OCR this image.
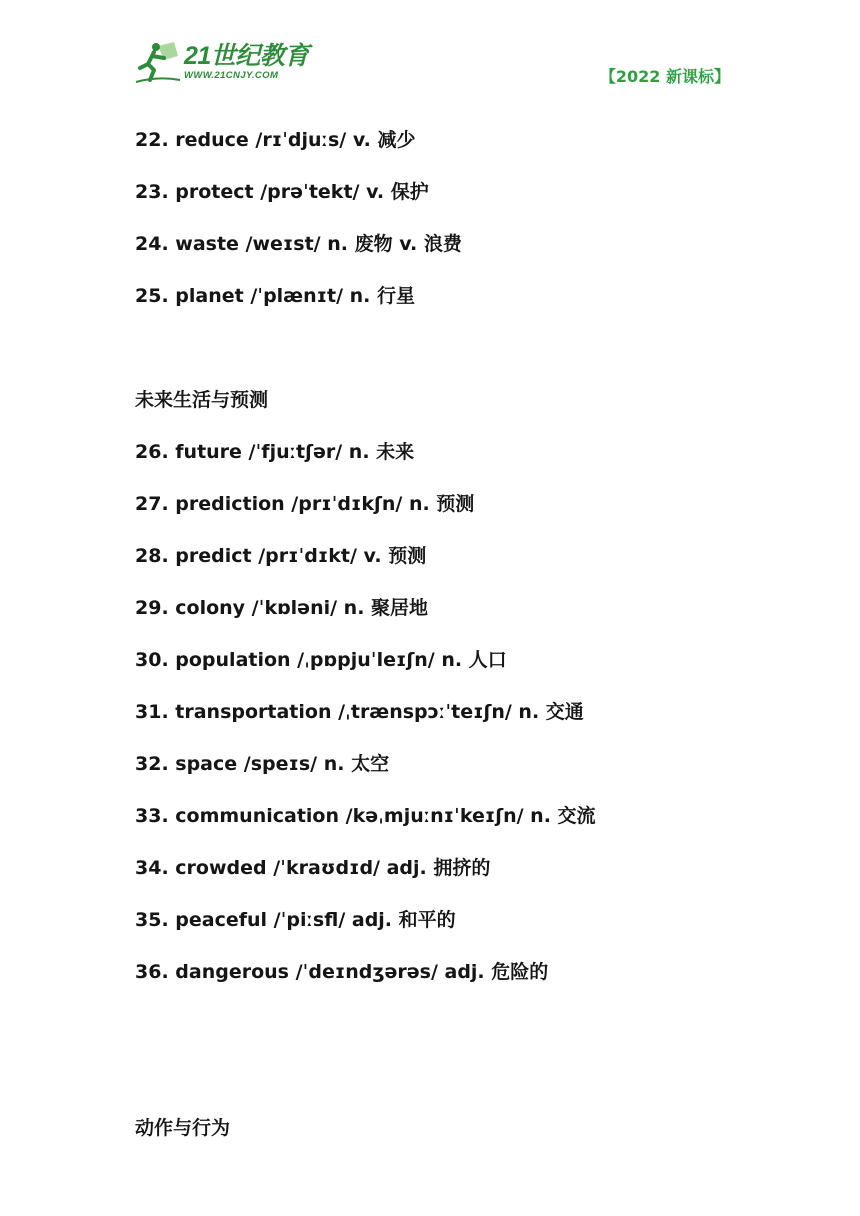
21世纪教育
WWW.21CNJY.COM	【2022 新课标】
22. reduce /rɪˈdjuːs/ v. 减少
23. protect /prəˈtekt/ v. 保护
24. waste /weɪst/ n. 废物 v. 浪费
25. planet /ˈplænɪt/ n. 行星
未来生活与预测
26. future /ˈfjuːtʃər/ n. 未来
27. prediction /prɪˈdɪkʃn/ n. 预测
28. predict /prɪˈdɪkt/ v. 预测
29. colony /ˈkɒləni/ n. 聚居地
30. population /ˌpɒpjuˈleɪʃn/ n. 人口
31. transportation /ˌtrænspɔːˈteɪʃn/ n. 交通
32. space /speɪs/ n. 太空
33. communication /kəˌmjuːnɪˈkeɪʃn/ n. 交流
34. crowded /ˈkraʊdɪd/ adj. 拥挤的
35. peaceful /ˈpiːsfl/ adj. 和平的
36. dangerous /ˈdeɪndʒərəs/ adj. 危险的
动作与行为
